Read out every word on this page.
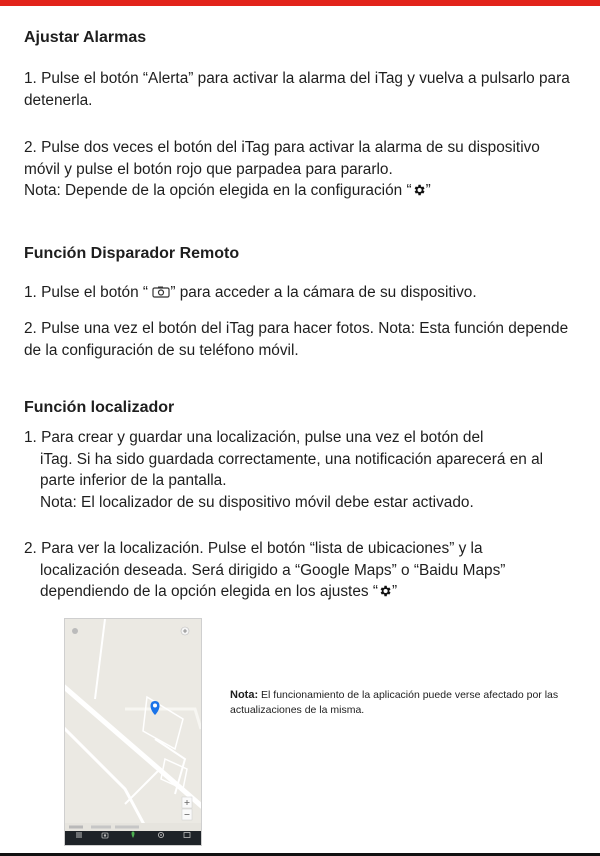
Ajustar Alarmas

1. Pulse el botón “Alerta” para activar la alarma del iTag y vuelva a pulsarlo para detenerla.

2. Pulse dos veces el botón del iTag para activar la alarma de su dispositivo móvil y pulse el botón rojo que parpadea para pararlo.

Nota: Depende de la opción elegida en la configuración “ ”

Función Disparador Remoto

1. Pulse el botón “ ” para acceder a la cámara de su dispositivo.

2. Pulse una vez el botón del iTag para hacer fotos. Nota: Esta función depende de la configuración de su teléfono móvil.

Función localizador

1. Para crear y guardar una localización, pulse una vez el botón del

iTag. Si ha sido guardada correctamente, una notificación aparecerá en al parte inferior de la pantalla.

Nota: El localizador de su dispositivo móvil debe estar activado.

2. Para ver la localización. Pulse el botón “lista de ubicaciones” y la

localización deseada. Será dirigido a “Google Maps” o “Baidu Maps” dependiendo de la opción elegida en los ajustes “ ”

Nota: El funcionamiento de la aplicación puede verse afectado por las actualizaciones de la misma.
